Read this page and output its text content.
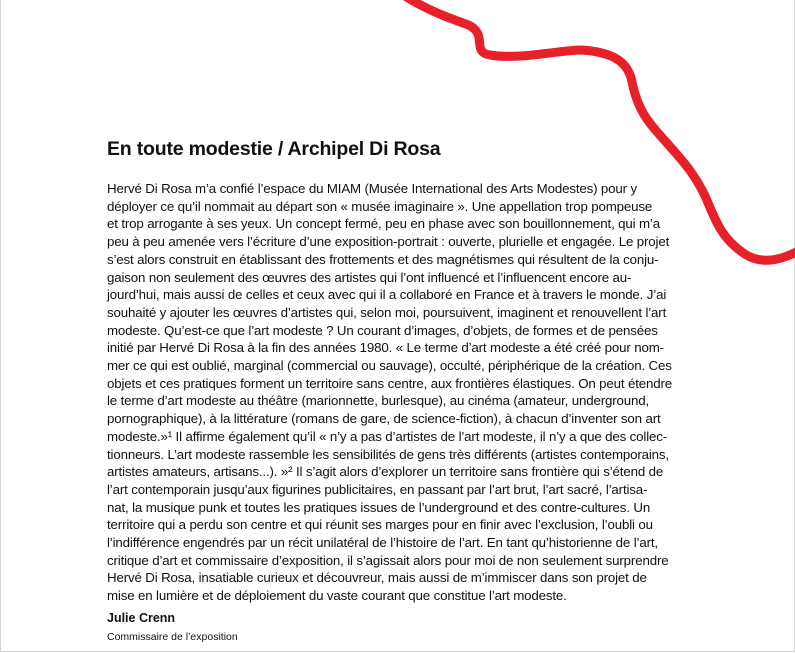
En toute modestie / Archipel Di Rosa
Hervé Di Rosa m’a confié l’espace du MIAM (Musée International des Arts Modestes) pour y
déployer ce qu’il nommait au départ son « musée imaginaire ». Une appellation trop pompeuse
et trop arrogante à ses yeux. Un concept fermé, peu en phase avec son bouillonnement, qui m’a
peu à peu amenée vers l’écriture d’une exposition-portrait : ouverte, plurielle et engagée. Le projet
s’est alors construit en établissant des frottements et des magnétismes qui résultent de la conju-
gaison non seulement des œuvres des artistes qui l’ont influencé et l’influencent encore au-
jourd’hui, mais aussi de celles et ceux avec qui il a collaboré en France et à travers le monde. J’ai
souhaité y ajouter les œuvres d’artistes qui, selon moi, poursuivent, imaginent et renouvellent l’art
modeste. Qu’est-ce que l’art modeste ? Un courant d’images, d’objets, de formes et de pensées
initié par Hervé Di Rosa à la fin des années 1980. « Le terme d’art modeste a été créé pour nom-
mer ce qui est oublié, marginal (commercial ou sauvage), occulté, périphérique de la création. Ces
objets et ces pratiques forment un territoire sans centre, aux frontières élastiques. On peut étendre
le terme d’art modeste au théâtre (marionnette, burlesque), au cinéma (amateur, underground,
pornographique), à la littérature (romans de gare, de science-fiction), à chacun d’inventer son art
modeste.»¹ Il affirme également qu’il « n’y a pas d’artistes de l’art modeste, il n’y a que des collec-
tionneurs. L’art modeste rassemble les sensibilités de gens très différents (artistes contemporains,
artistes amateurs, artisans...). »² Il s’agit alors d’explorer un territoire sans frontière qui s’étend de
l’art contemporain jusqu’aux figurines publicitaires, en passant par l’art brut, l’art sacré, l’artisa-
nat, la musique punk et toutes les pratiques issues de l’underground et des contre-cultures. Un
territoire qui a perdu son centre et qui réunit ses marges pour en finir avec l’exclusion, l’oubli ou
l’indifférence engendrés par un récit unilatéral de l’histoire de l’art. En tant qu’historienne de l’art,
critique d’art et commissaire d’exposition, il s’agissait alors pour moi de non seulement surprendre
Hervé Di Rosa, insatiable curieux et découvreur, mais aussi de m’immiscer dans son projet de
mise en lumière et de déploiement du vaste courant que constitue l’art modeste.

Julie Crenn

Commissaire de l’exposition
